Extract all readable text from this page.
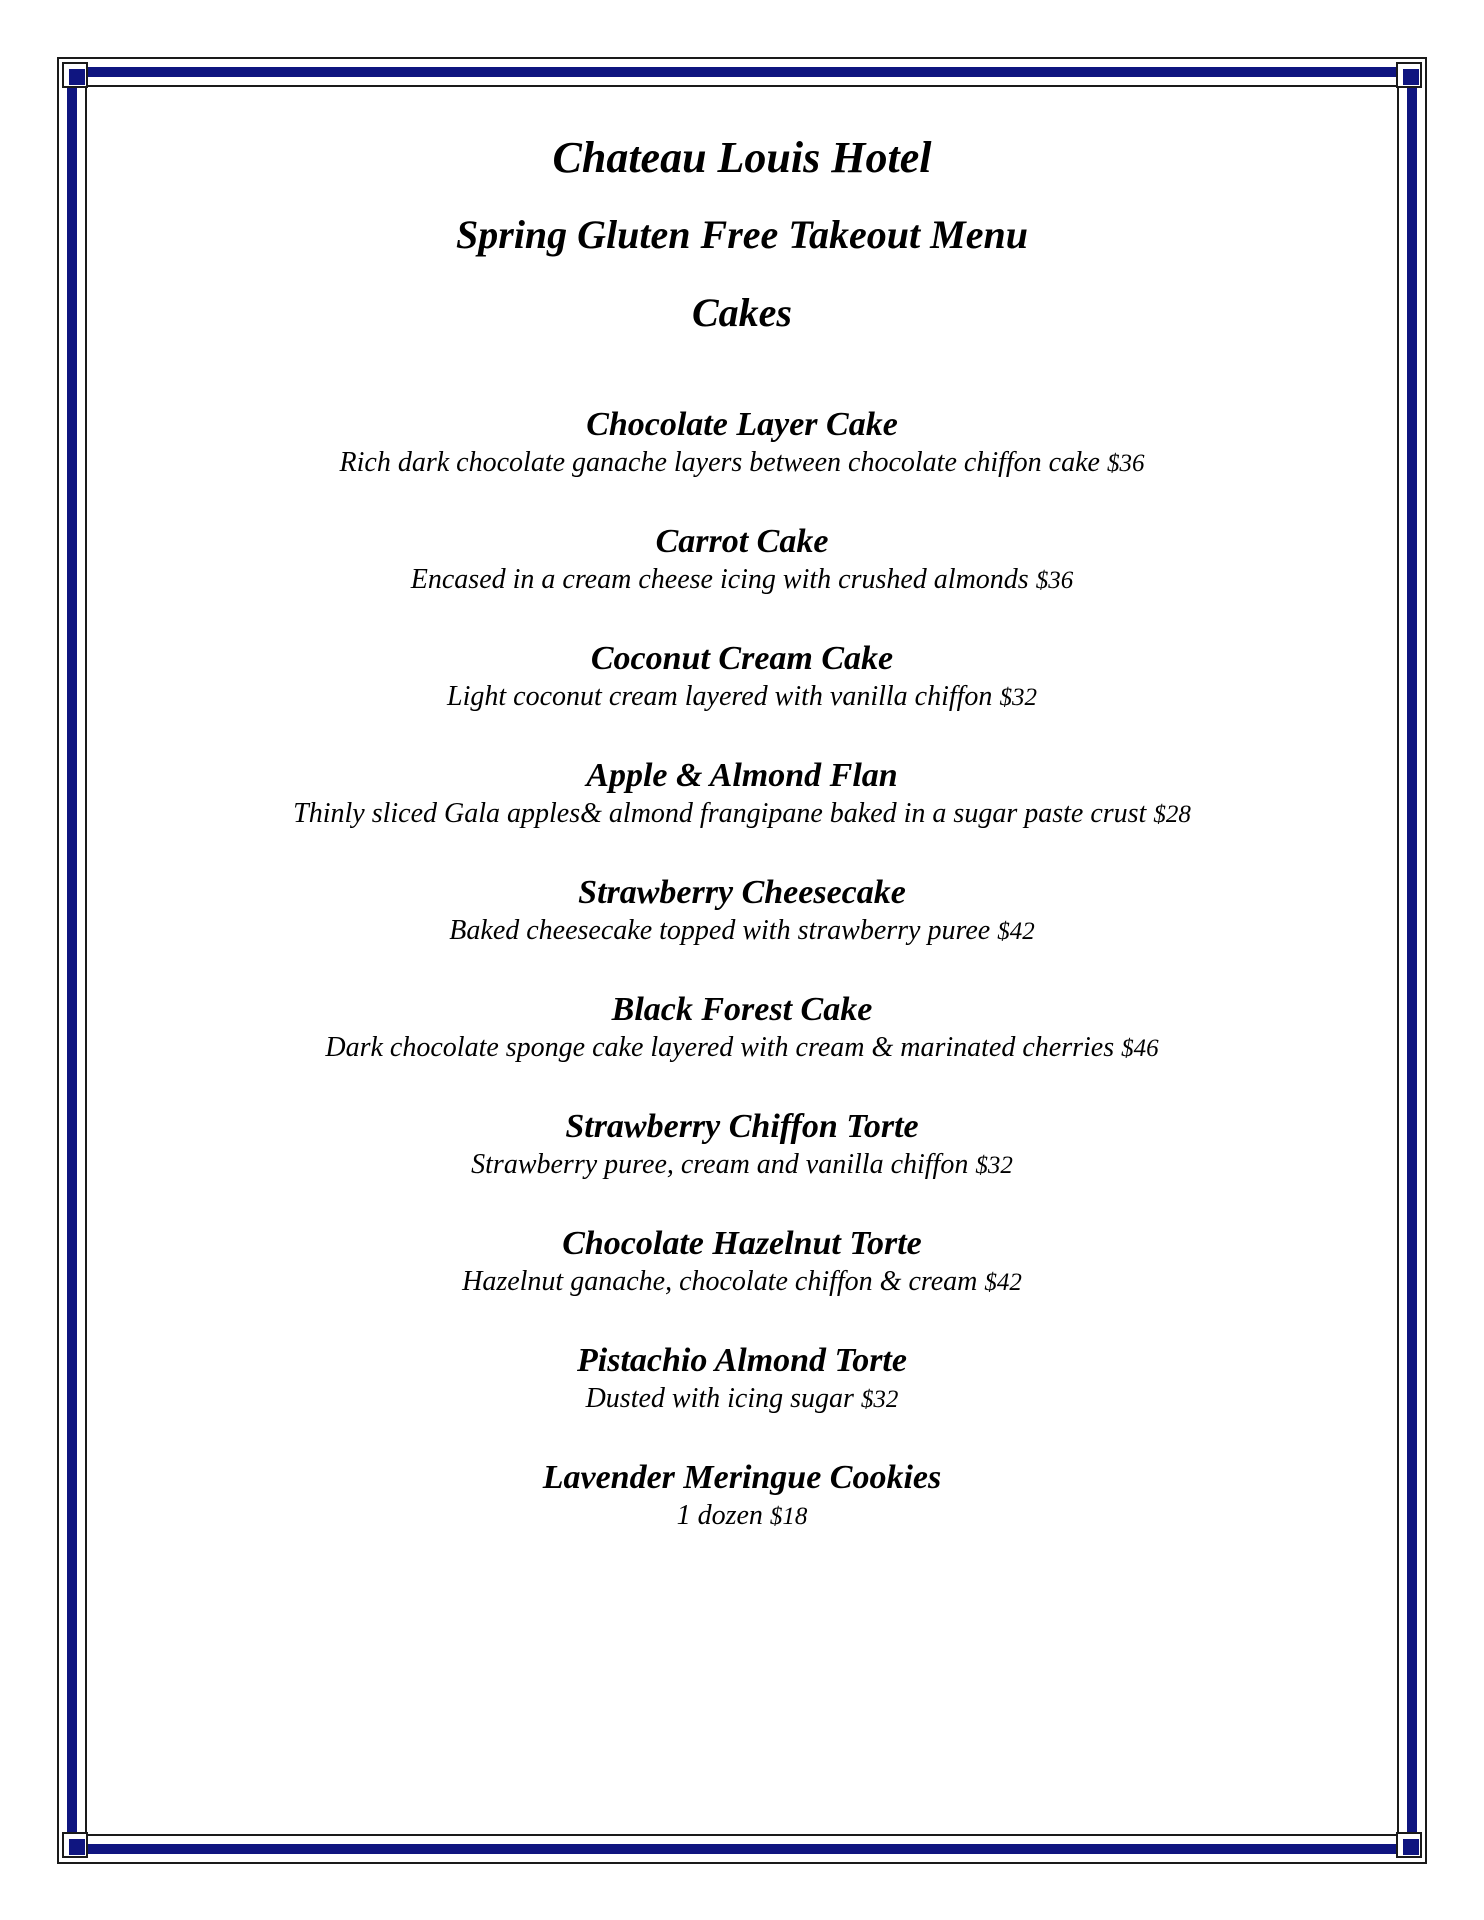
Chateau Louis Hotel
Spring Gluten Free Takeout Menu
Cakes
Chocolate Layer Cake
Rich dark chocolate ganache layers between chocolate chiffon cake $36
Carrot Cake
Encased in a cream cheese icing with crushed almonds $36
Coconut Cream Cake
Light coconut cream layered with vanilla chiffon $32
Apple & Almond Flan
Thinly sliced Gala apples& almond frangipane baked in a sugar paste crust $28
Strawberry Cheesecake
Baked cheesecake topped with strawberry puree $42
Black Forest Cake
Dark chocolate sponge cake layered with cream & marinated cherries $46
Strawberry Chiffon Torte
Strawberry puree, cream and vanilla chiffon $32
Chocolate Hazelnut Torte
Hazelnut ganache, chocolate chiffon & cream $42
Pistachio Almond Torte
Dusted with icing sugar $32
Lavender Meringue Cookies
1 dozen $18
